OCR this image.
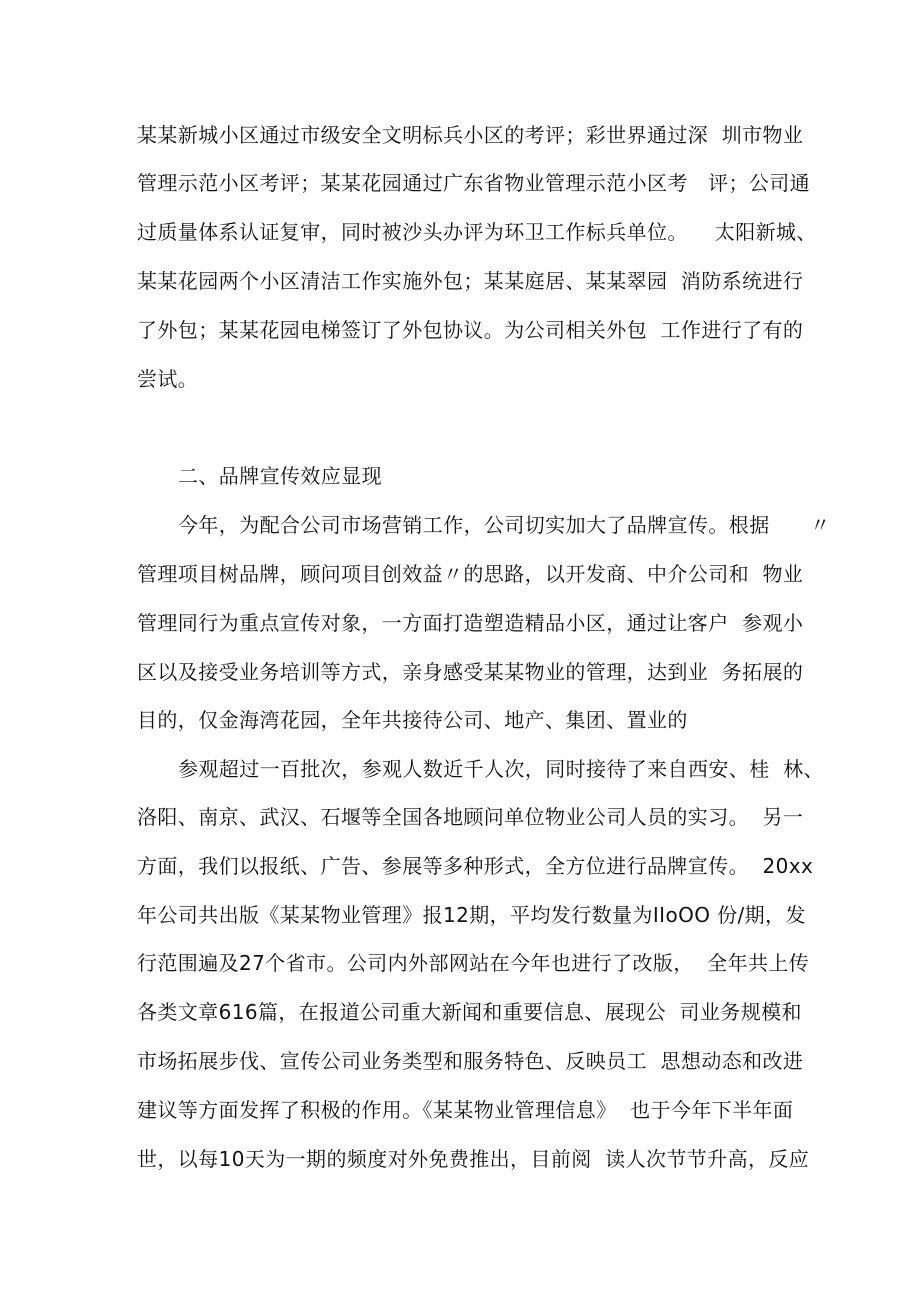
某某新城小区通过市级安全文明标兵小区的考评；彩世界通过深  圳市物业
管理示范小区考评；某某花园通过广东省物业管理示范小区考   评；公司通
过质量体系认证复审，同时被沙头办评为环卫工作标兵单位。    太阳新城、
某某花园两个小区清洁工作实施外包；某某庭居、某某翠园  消防系统进行
了外包；某某花园电梯签订了外包协议。为公司相关外包  工作进行了有的
尝试。
二、品牌宣传效应显现
今年，为配合公司市场营销工作，公司切实加大了品牌宣传。根据      〃
管理项目树品牌，顾问项目创效益〃的思路，以开发商、中介公司和  物业
管理同行为重点宣传对象，一方面打造塑造精品小区，通过让客户  参观小
区以及接受业务培训等方式，亲身感受某某物业的管理，达到业  务拓展的
目的，仅金海湾花园，全年共接待公司、地产、集团、置业的
参观超过一百批次，参观人数近千人次，同时接待了来自西安、桂  林、
洛阳、南京、武汉、石堰等全国各地顾问单位物业公司人员的实习。  另一
方面，我们以报纸、广告、参展等多种形式，全方位进行品牌宣传。  20xx
年公司共出版《某某物业管理》报12期，平均发行数量为IIoOO 份/期，发
行范围遍及27个省市。公司内外部网站在今年也进行了改版，  全年共上传
各类文章616篇，在报道公司重大新闻和重要信息、展现公  司业务规模和
市场拓展步伐、宣传公司业务类型和服务特色、反映员工  思想动态和改进
建议等方面发挥了积极的作用。《某某物业管理信息》  也于今年下半年面
世，以每10天为一期的频度对外免费推出，目前阅  读人次节节升高，反应
